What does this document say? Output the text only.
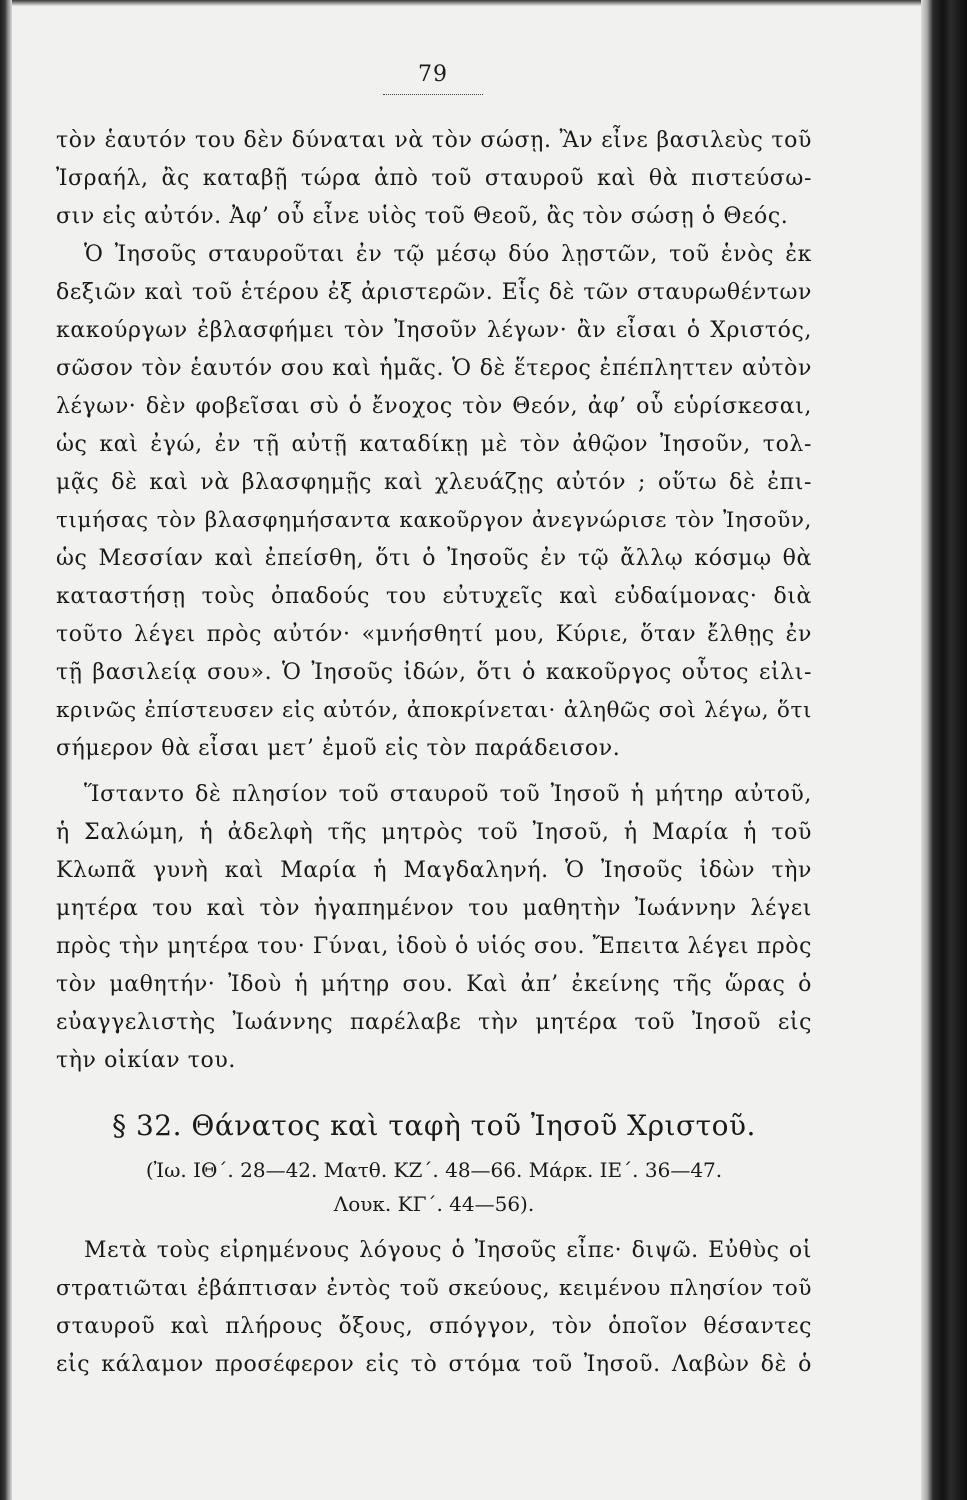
79
τὸν ἑαυτόν του δὲν δύναται νὰ τὸν σώσῃ. Ἂν εἶνε βασιλεὺς τοῦ
Ἰσραήλ, ἂς καταβῇ τώρα ἀπὸ τοῦ σταυροῦ καὶ θὰ πιστεύσω-
σιν εἰς αὐτόν. Ἀφ’ οὗ εἶνε υἱὸς τοῦ Θεοῦ, ἂς τὸν σώσῃ ὁ Θεός.
Ὁ Ἰησοῦς σταυροῦται ἐν τῷ μέσῳ δύο λῃστῶν, τοῦ ἑνὸς ἐκ
δεξιῶν καὶ τοῦ ἑτέρου ἐξ ἀριστερῶν. Εἷς δὲ τῶν σταυρωθέντων
κακούργων ἐβλασφήμει τὸν Ἰησοῦν λέγων· ἂν εἶσαι ὁ Χριστός,
σῶσον τὸν ἑαυτόν σου καὶ ἡμᾶς. Ὁ δὲ ἕτερος ἐπέπληττεν αὐτὸν
λέγων· δὲν φοβεῖσαι σὺ ὁ ἔνοχος τὸν Θεόν, ἀφ’ οὗ εὑρίσκεσαι,
ὡς καὶ ἐγώ, ἐν τῇ αὐτῇ καταδίκῃ μὲ τὸν ἀθῷον Ἰησοῦν, τολ-
μᾷς δὲ καὶ νὰ βλασφημῇς καὶ χλευάζῃς αὐτόν ; οὕτω δὲ ἐπι-
τιμήσας τὸν βλασφημήσαντα κακοῦργον ἀνεγνώρισε τὸν Ἰησοῦν,
ὡς Μεσσίαν καὶ ἐπείσθη, ὅτι ὁ Ἰησοῦς ἐν τῷ ἄλλῳ κόσμῳ θὰ
καταστήσῃ τοὺς ὀπαδούς του εὐτυχεῖς καὶ εὐδαίμονας· διὰ
τοῦτο λέγει πρὸς αὐτόν· «μνήσθητί μου, Κύριε, ὅταν ἔλθῃς ἐν
τῇ βασιλείᾳ σου». Ὁ Ἰησοῦς ἰδών, ὅτι ὁ κακοῦργος οὗτος εἰλι-
κρινῶς ἐπίστευσεν εἰς αὐτόν, ἀποκρίνεται· ἀληθῶς σοὶ λέγω, ὅτι
σήμερον θὰ εἶσαι μετ’ ἐμοῦ εἰς τὸν παράδεισον.
Ἵσταντο δὲ πλησίον τοῦ σταυροῦ τοῦ Ἰησοῦ ἡ μήτηρ αὐτοῦ,
ἡ Σαλώμη, ἡ ἀδελφὴ τῆς μητρὸς τοῦ Ἰησοῦ, ἡ Μαρία ἡ τοῦ
Κλωπᾶ γυνὴ καὶ Μαρία ἡ Μαγδαληνή. Ὁ Ἰησοῦς ἰδὼν τὴν
μητέρα του καὶ τὸν ἠγαπημένον του μαθητὴν Ἰωάννην λέγει
πρὸς τὴν μητέρα του· Γύναι, ἰδοὺ ὁ υἱός σου. Ἔπειτα λέγει πρὸς
τὸν μαθητήν· Ἰδοὺ ἡ μήτηρ σου. Καὶ ἀπ’ ἐκείνης τῆς ὥρας ὁ
εὐαγγελιστὴς Ἰωάννης παρέλαβε τὴν μητέρα τοῦ Ἰησοῦ εἰς
τὴν οἰκίαν του.
§ 32. Θάνατος καὶ ταφὴ τοῦ Ἰησοῦ Χριστοῦ.
(Ἰω. ΙΘ΄. 28—42. Ματθ. ΚΖ΄. 48—66. Μάρκ. ΙΕ΄. 36—47.
Λουκ. ΚΓ΄. 44—56).
Μετὰ τοὺς εἰρημένους λόγους ὁ Ἰησοῦς εἶπε· διψῶ. Εὐθὺς οἱ
στρατιῶται ἐβάπτισαν ἐντὸς τοῦ σκεύους, κειμένου πλησίον τοῦ
σταυροῦ καὶ πλήρους ὄξους, σπόγγον, τὸν ὁποῖον θέσαντες
εἰς κάλαμον προσέφερον εἰς τὸ στόμα τοῦ Ἰησοῦ. Λαβὼν δὲ ὁ
